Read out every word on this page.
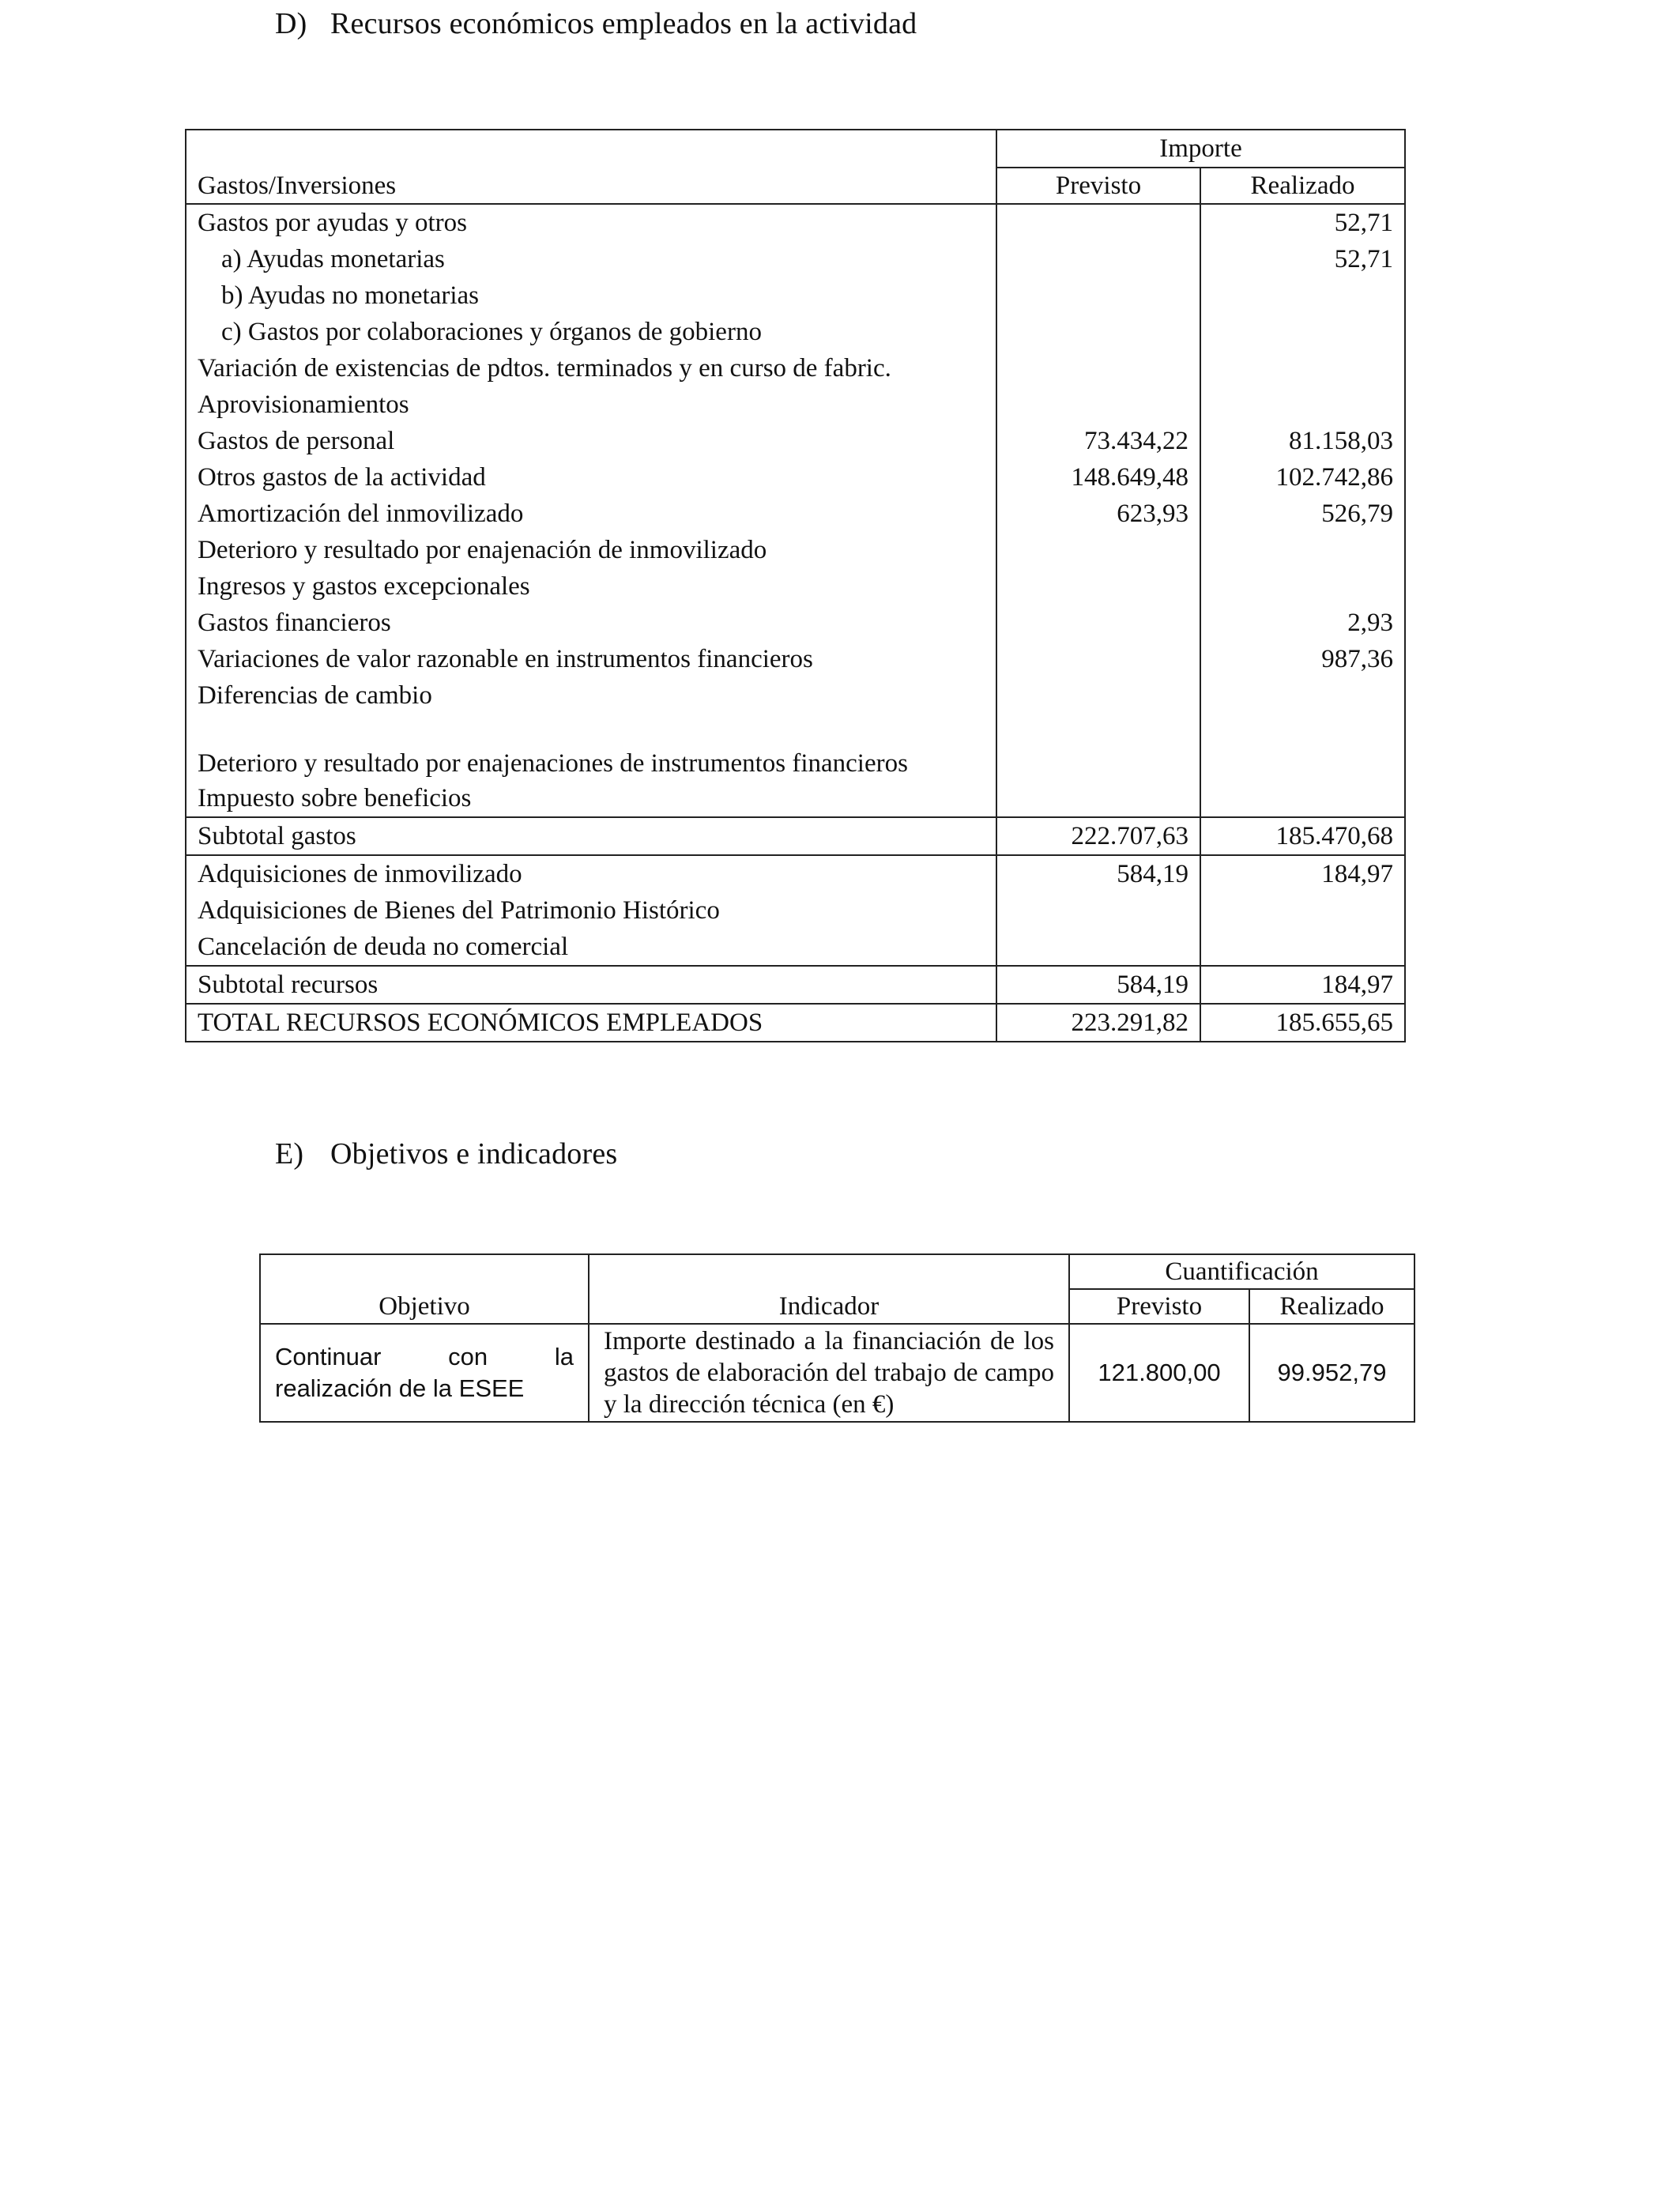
D) Recursos económicos empleados en la actividad
	Importe	
Gastos/Inversiones	Previsto	Realizado
Gastos por ayudas y otros		52,71
a) Ayudas monetarias		52,71
b) Ayudas no monetarias		
c) Gastos por colaboraciones y órganos de gobierno		
Variación de existencias de pdtos. terminados y en curso de fabric.		
Aprovisionamientos		
Gastos de personal	73.434,22	81.158,03
Otros gastos de la actividad	148.649,48	102.742,86
Amortización del inmovilizado	623,93	526,79
Deterioro y resultado por enajenación de inmovilizado		
Ingresos y gastos excepcionales		
Gastos financieros		2,93
Variaciones de valor razonable en instrumentos financieros		987,36
Diferencias de cambio		
Deterioro y resultado por enajenaciones de instrumentos financieros		
Impuesto sobre beneficios		
Subtotal gastos	222.707,63	185.470,68
Adquisiciones de inmovilizado	584,19	184,97
Adquisiciones de Bienes del Patrimonio Histórico		
Cancelación de deuda no comercial		
Subtotal recursos	584,19	184,97
TOTAL RECURSOS ECONÓMICOS EMPLEADOS	223.291,82	185.655,65
E) Objetivos e indicadores
Objetivo	Indicador	Cuantificación	
		Previsto	Realizado

Continuar con la
realización de la ESEE	Importe destinado a la financiación de los gastos de elaboración del trabajo de campo y la dirección técnica (en €)	121.800,00	99.952,79
